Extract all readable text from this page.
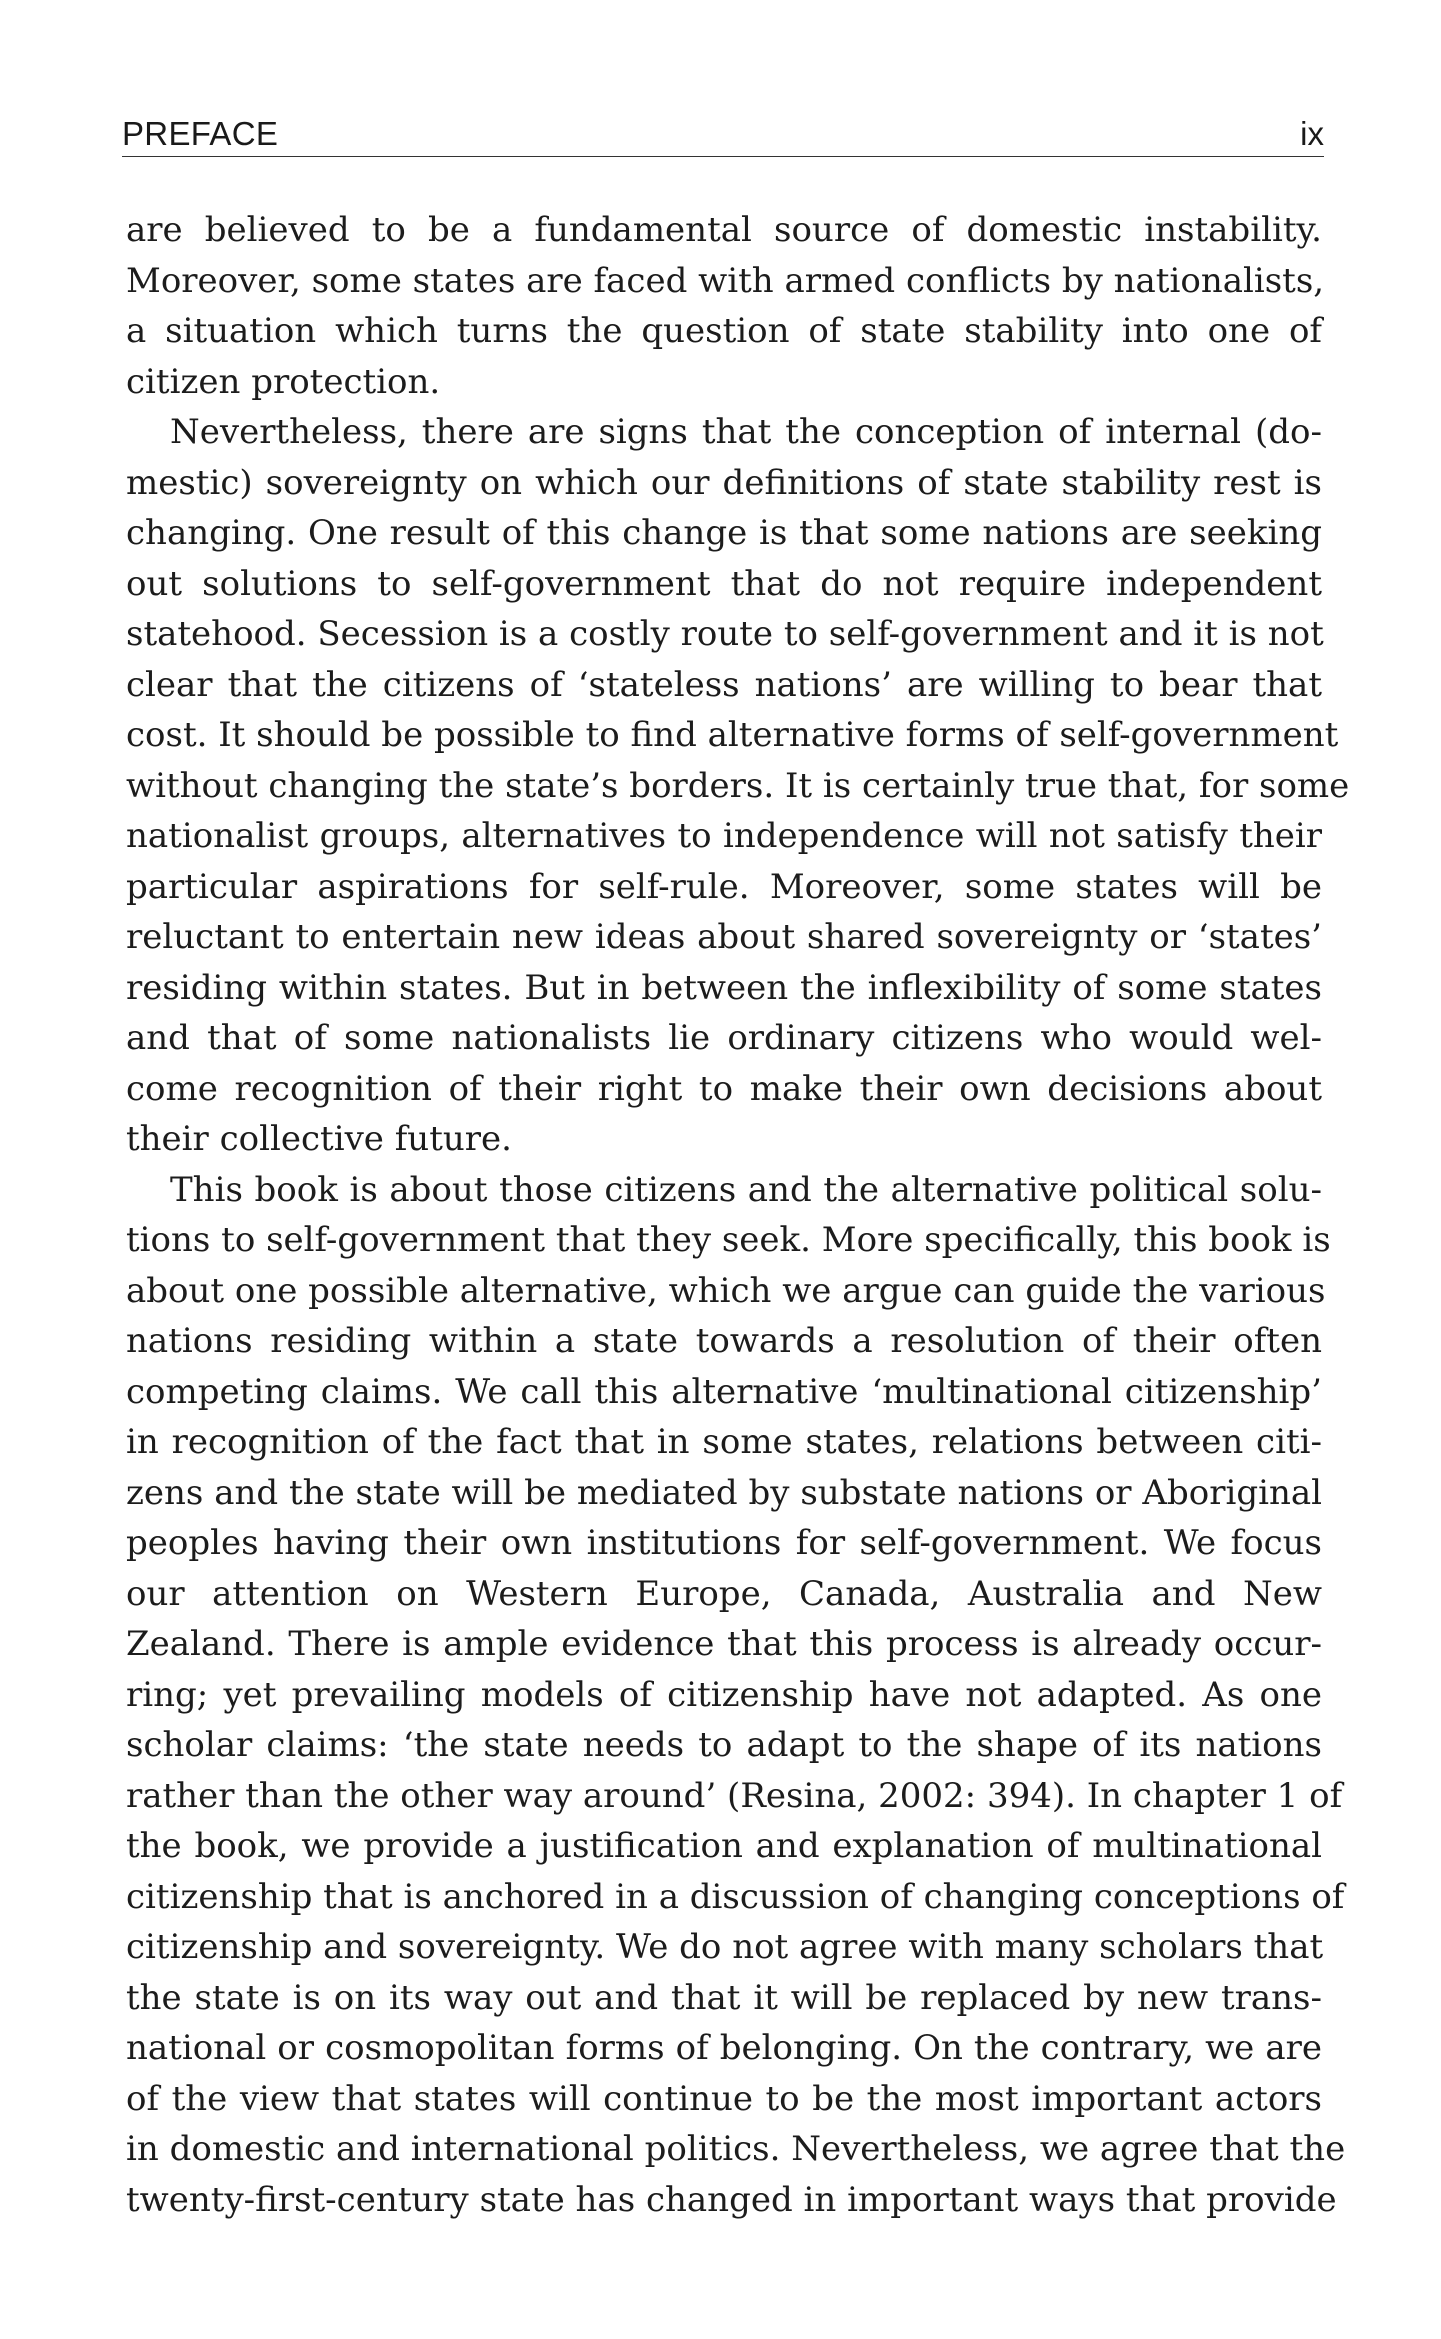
PREFACE	ix

are believed to be a fundamental source of domestic instability.
Moreover, some states are faced with armed conflicts by nationalists,
a situation which turns the question of state stability into one of
citizen protection.

Nevertheless, there are signs that the conception of internal (do-
mestic) sovereignty on which our definitions of state stability rest is
changing. One result of this change is that some nations are seeking
out solutions to self-government that do not require independent
statehood. Secession is a costly route to self-government and it is not
clear that the citizens of ‘stateless nations’ are willing to bear that
cost. It should be possible to find alternative forms of self-government
without changing the state’s borders. It is certainly true that, for some
nationalist groups, alternatives to independence will not satisfy their
particular aspirations for self-rule. Moreover, some states will be
reluctant to entertain new ideas about shared sovereignty or ‘states’
residing within states. But in between the inflexibility of some states
and that of some nationalists lie ordinary citizens who would wel-
come recognition of their right to make their own decisions about
their collective future.

This book is about those citizens and the alternative political solu-
tions to self-government that they seek. More specifically, this book is
about one possible alternative, which we argue can guide the various
nations residing within a state towards a resolution of their often
competing claims. We call this alternative ‘multinational citizenship’
in recognition of the fact that in some states, relations between citi-
zens and the state will be mediated by substate nations or Aboriginal
peoples having their own institutions for self-government. We focus
our attention on Western Europe, Canada, Australia and New
Zealand. There is ample evidence that this process is already occur-
ring; yet prevailing models of citizenship have not adapted. As one
scholar claims: ‘the state needs to adapt to the shape of its nations
rather than the other way around’ (Resina, 2002: 394). In chapter 1 of
the book, we provide a justification and explanation of multinational
citizenship that is anchored in a discussion of changing conceptions of
citizenship and sovereignty. We do not agree with many scholars that
the state is on its way out and that it will be replaced by new trans-
national or cosmopolitan forms of belonging. On the contrary, we are
of the view that states will continue to be the most important actors
in domestic and international politics. Nevertheless, we agree that the
twenty-first-century state has changed in important ways that provide
